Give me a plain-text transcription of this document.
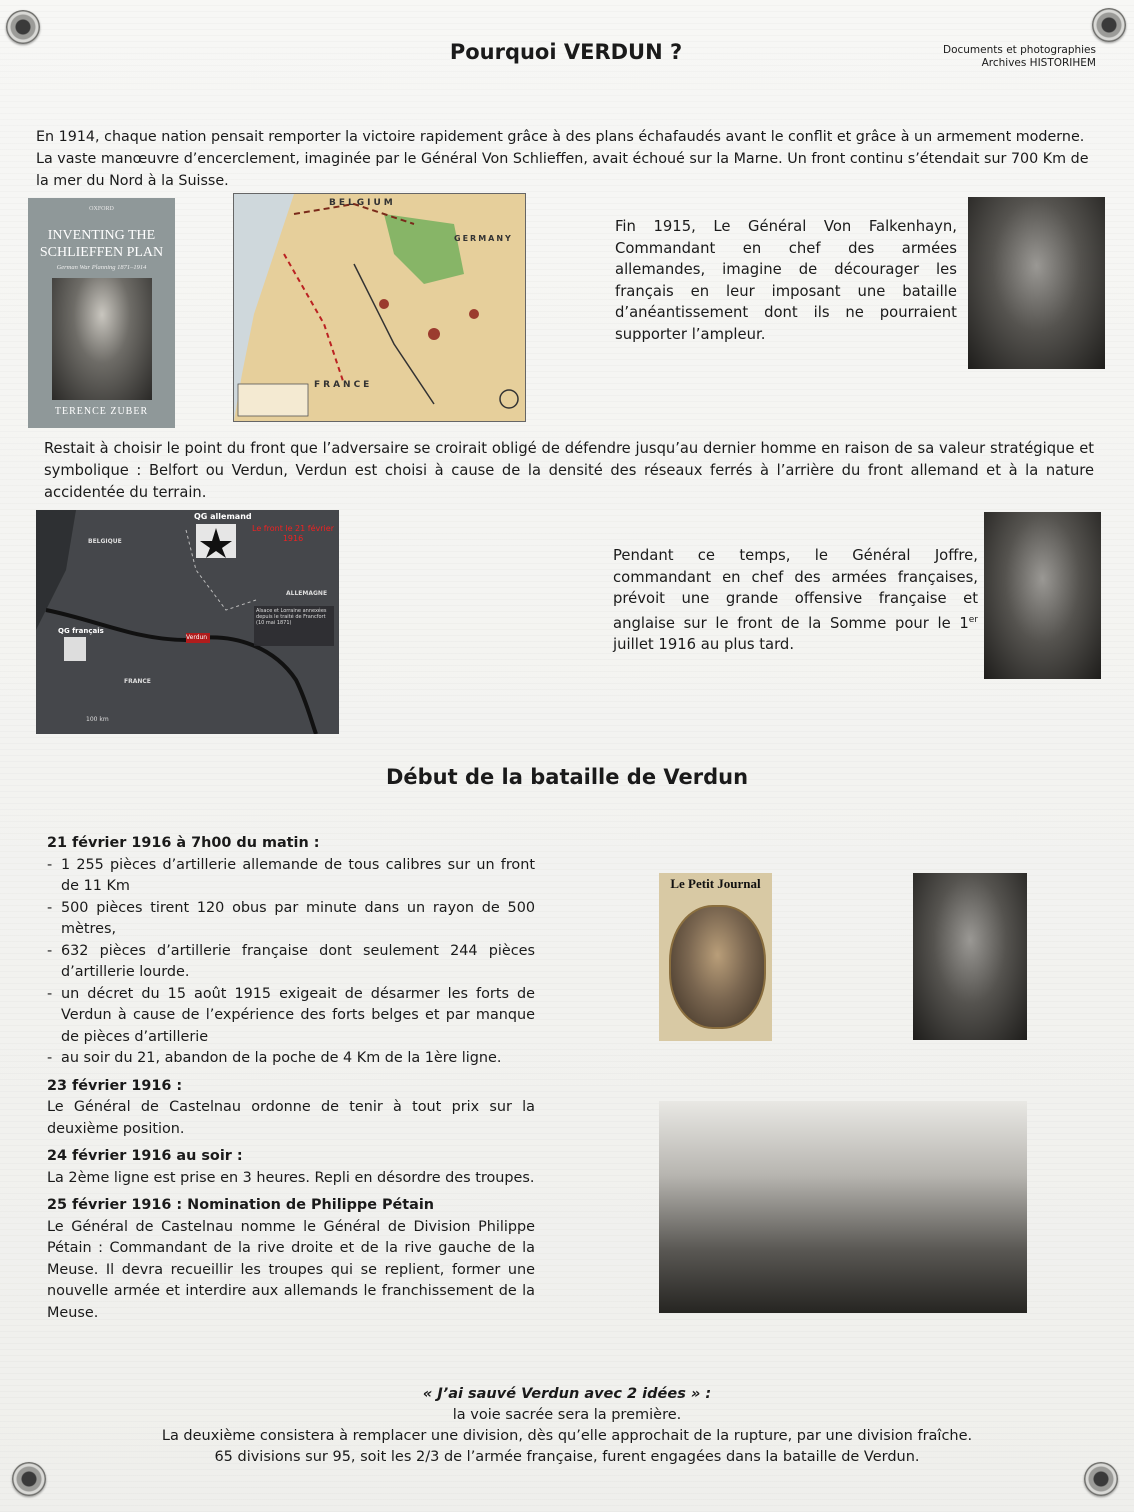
Pourquoi VERDUN ?	Documents et photographies
Archives HISTORIHEM
En 1914, chaque nation pensait remporter la victoire rapidement grâce à des plans échafaudés avant le conflit et grâce à un armement moderne.
La vaste manœuvre d’encerclement, imaginée par le Général Von Schlieffen, avait échoué sur la Marne. Un front continu s’étendait sur 700 Km de
la mer du Nord à la Suisse.
OXFORD
INVENTING THE
SCHLIEFFEN PLAN
German War Planning 1871–1914
TERENCE ZUBER
BELGIUM
GERMANY
FRANCE
Fin 1915, Le Général Von Falkenhayn, Commandant en chef des armées allemandes, imagine de décourager les français en leur imposant une bataille d’anéantissement dont ils ne pourraient supporter l’ampleur.
Restait à choisir le point du front que l’adversaire se croirait obligé de défendre jusqu’au dernier homme en raison de sa valeur stratégique et symbolique : Belfort ou Verdun, Verdun est choisi à cause de la densité des réseaux ferrés à l’arrière du front allemand et à la nature accidentée du terrain.
QG allemand
Le front le 21 février 1916
BELGIQUE
ALLEMAGNE
Alsace et Lorraine annexées depuis le traité de Francfort (10 mai 1871)
QG français
Verdun
FRANCE
100 km
Pendant ce temps, le Général Joffre, commandant en chef des armées françaises, prévoit une grande offensive française et anglaise sur le front de la Somme pour le 1er juillet 1916 au plus tard.
Début de la bataille de Verdun
21 février 1916 à 7h00 du matin :
- 1 255 pièces d’artillerie allemande de tous calibres sur un front de 11 Km
- 500 pièces tirent 120 obus par minute dans un rayon de 500 mètres,
- 632 pièces d’artillerie française dont seulement 244 pièces d’artillerie lourde.
- un décret du 15 août 1915 exigeait de désarmer les forts de Verdun à cause de l’expérience des forts belges et par manque de pièces d’artillerie
- au soir du 21, abandon de la poche de 4 Km de la 1ère ligne.
23 février 1916 :
Le Général de Castelnau ordonne de tenir à tout prix sur la deuxième position.
24 février 1916 au soir :
La 2ème ligne est prise en 3 heures. Repli en désordre des troupes.
25 février 1916 : Nomination de Philippe Pétain
Le Général de Castelnau nomme le Général de Division Philippe Pétain : Commandant de la rive droite et de la rive gauche de la Meuse. Il devra recueillir les troupes qui se replient, former une nouvelle armée et interdire aux allemands le franchissement de la Meuse.
Le Petit Journal
« J’ai sauvé Verdun avec 2 idées » :
la voie sacrée sera la première.
La deuxième consistera à remplacer une division, dès qu’elle approchait de la rupture, par une division fraîche.
65 divisions sur 95, soit les 2/3 de l’armée française, furent engagées dans la bataille de Verdun.
